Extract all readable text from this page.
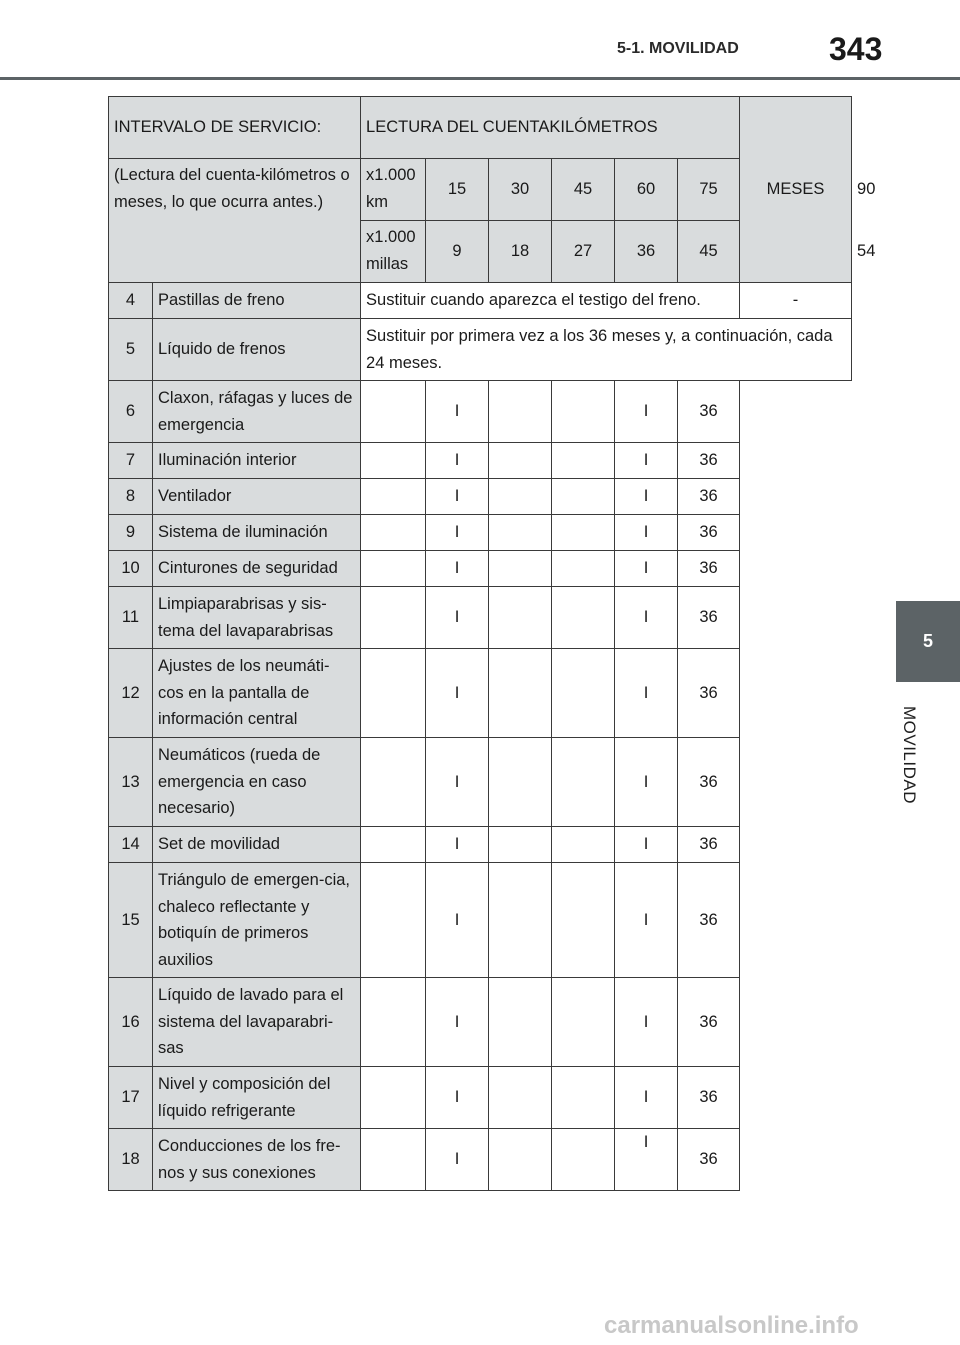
5-1. MOVILIDAD	343
5
MOVILIDAD
INTERVALO DE SERVICIO:		LECTURA DEL CUENTAKILÓMETROS						MESES	
(Lectura del cuenta-kilómetros o meses, lo que ocurra antes.)		x1.000 km	15	30	45	60	75		90
		x1.000 millas	9	18	27	36	45		54
4	Pastillas de freno	Sustituir cuando aparezca el testigo del freno.						-	
5	Líquido de frenos	Sustituir por primera vez a los 36 meses y, a continuación, cada 24 meses.							
6	Claxon, ráfagas y luces de emergencia		I			I	36		
7	Iluminación interior		I			I	36		
8	Ventilador		I			I	36		
9	Sistema de iluminación		I			I	36		
10	Cinturones de seguridad		I			I	36		
11	Limpiaparabrisas y sis-tema del lavaparabrisas		I			I	36		
12	Ajustes de los neumáti-cos en la pantalla de información central		I			I	36		
13	Neumáticos (rueda de emergencia en caso necesario)		I			I	36		
14	Set de movilidad		I			I	36		
15	Triángulo de emergen-cia, chaleco reflectante y botiquín de primeros auxilios		I			I	36		
16	Líquido de lavado para el sistema del lavaparabri-sas		I			I	36		
17	Nivel y composición del líquido refrigerante		I			I	36		
18	Conducciones de los fre-nos y sus conexiones		I			I	36		
carmanualsonline.info
